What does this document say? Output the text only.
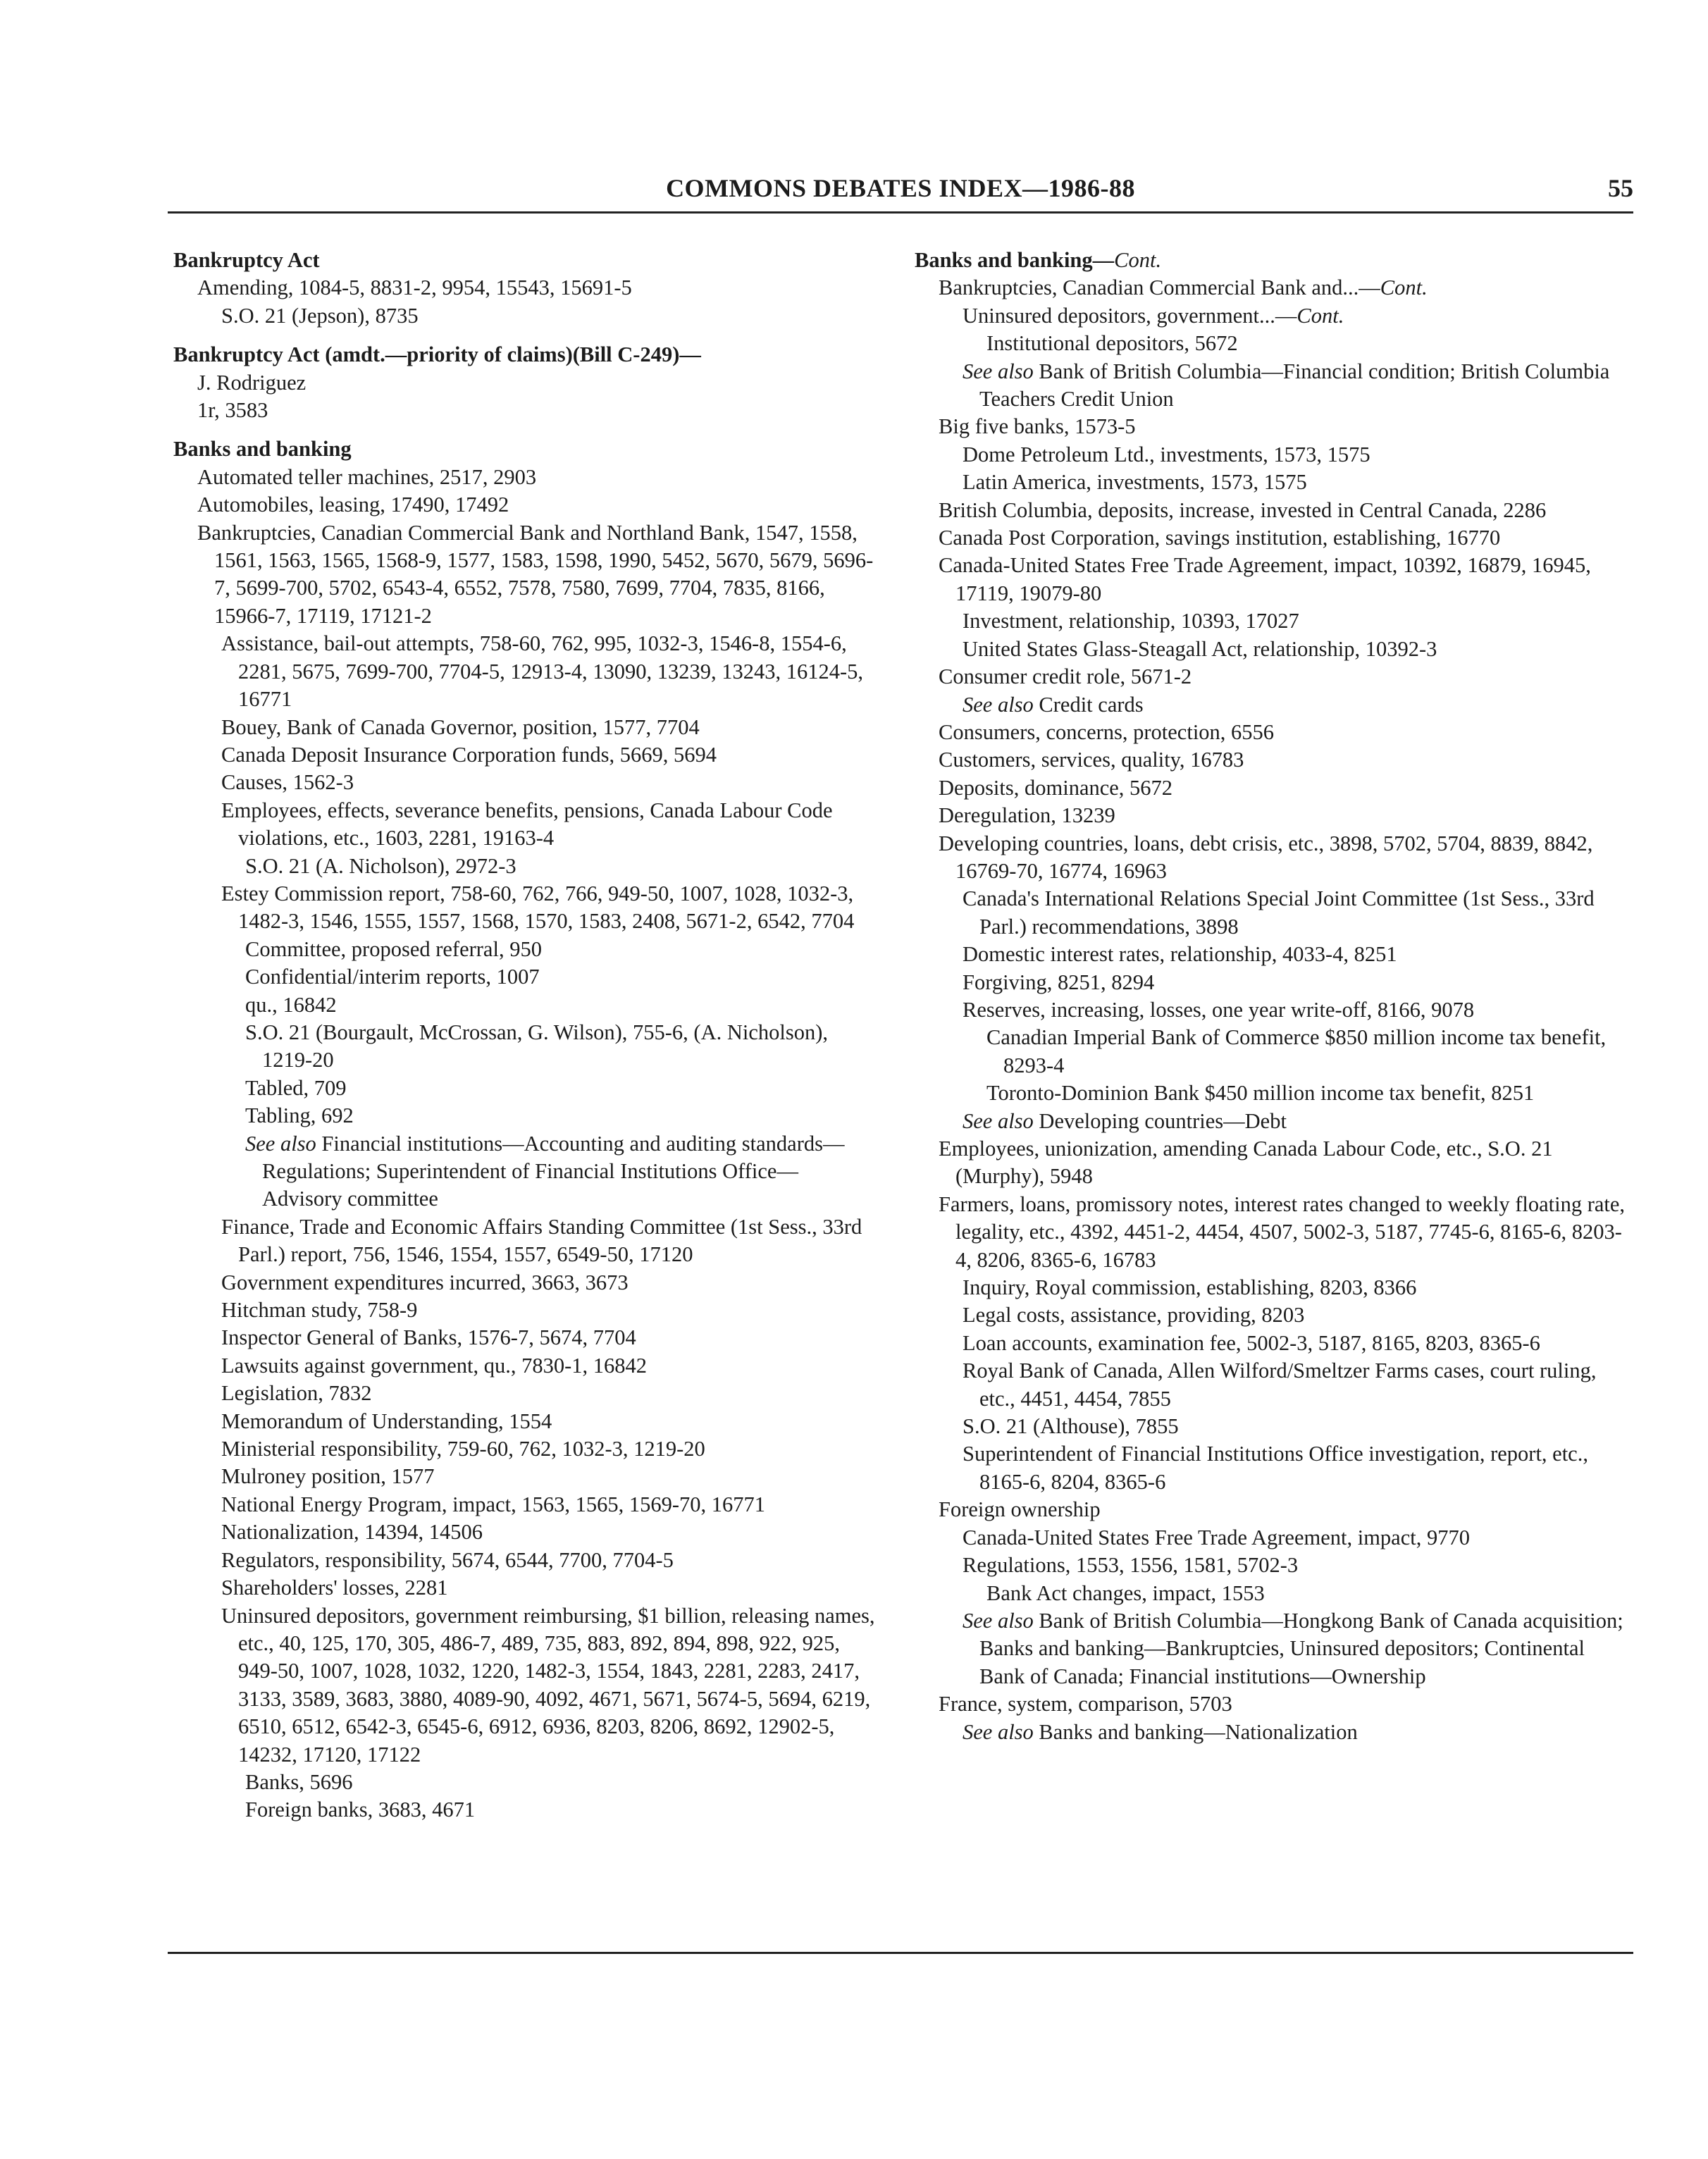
COMMONS DEBATES INDEX—1986-88	55

Bankruptcy Act

Amending, 1084-5, 8831-2, 9954, 15543, 15691-5

S.O. 21 (Jepson), 8735

Bankruptcy Act (amdt.—priority of claims)(Bill C-249)—

J. Rodriguez

1r, 3583

Banks and banking

Automated teller machines, 2517, 2903

Automobiles, leasing, 17490, 17492

Bankruptcies, Canadian Commercial Bank and Northland Bank, 1547, 1558, 1561, 1563, 1565, 1568-9, 1577, 1583, 1598, 1990, 5452, 5670, 5679, 5696-7, 5699-700, 5702, 6543-4, 6552, 7578, 7580, 7699, 7704, 7835, 8166, 15966-7, 17119, 17121-2

Assistance, bail-out attempts, 758-60, 762, 995, 1032-3, 1546-8, 1554-6, 2281, 5675, 7699-700, 7704-5, 12913-4, 13090, 13239, 13243, 16124-5, 16771

Bouey, Bank of Canada Governor, position, 1577, 7704

Canada Deposit Insurance Corporation funds, 5669, 5694

Causes, 1562-3

Employees, effects, severance benefits, pensions, Canada Labour Code violations, etc., 1603, 2281, 19163-4

S.O. 21 (A. Nicholson), 2972-3

Estey Commission report, 758-60, 762, 766, 949-50, 1007, 1028, 1032-3, 1482-3, 1546, 1555, 1557, 1568, 1570, 1583, 2408, 5671-2, 6542, 7704

Committee, proposed referral, 950

Confidential/interim reports, 1007

qu., 16842

S.O. 21 (Bourgault, McCrossan, G. Wilson), 755-6, (A. Nicholson), 1219-20

Tabled, 709

Tabling, 692

See also Financial institutions—Accounting and auditing standards—Regulations; Superintendent of Financial Institutions Office—Advisory committee

Finance, Trade and Economic Affairs Standing Committee (1st Sess., 33rd Parl.) report, 756, 1546, 1554, 1557, 6549-50, 17120

Government expenditures incurred, 3663, 3673

Hitchman study, 758-9

Inspector General of Banks, 1576-7, 5674, 7704

Lawsuits against government, qu., 7830-1, 16842

Legislation, 7832

Memorandum of Understanding, 1554

Ministerial responsibility, 759-60, 762, 1032-3, 1219-20

Mulroney position, 1577

National Energy Program, impact, 1563, 1565, 1569-70, 16771

Nationalization, 14394, 14506

Regulators, responsibility, 5674, 6544, 7700, 7704-5

Shareholders' losses, 2281

Uninsured depositors, government reimbursing, $1 billion, releasing names, etc., 40, 125, 170, 305, 486-7, 489, 735, 883, 892, 894, 898, 922, 925, 949-50, 1007, 1028, 1032, 1220, 1482-3, 1554, 1843, 2281, 2283, 2417, 3133, 3589, 3683, 3880, 4089-90, 4092, 4671, 5671, 5674-5, 5694, 6219, 6510, 6512, 6542-3, 6545-6, 6912, 6936, 8203, 8206, 8692, 12902-5, 14232, 17120, 17122

Banks, 5696

Foreign banks, 3683, 4671

Banks and banking—Cont.

Bankruptcies, Canadian Commercial Bank and...—Cont.

Uninsured depositors, government...—Cont.

Institutional depositors, 5672

See also Bank of British Columbia—Financial condition; British Columbia Teachers Credit Union

Big five banks, 1573-5

Dome Petroleum Ltd., investments, 1573, 1575

Latin America, investments, 1573, 1575

British Columbia, deposits, increase, invested in Central Canada, 2286

Canada Post Corporation, savings institution, establishing, 16770

Canada-United States Free Trade Agreement, impact, 10392, 16879, 16945, 17119, 19079-80

Investment, relationship, 10393, 17027

United States Glass-Steagall Act, relationship, 10392-3

Consumer credit role, 5671-2

See also Credit cards

Consumers, concerns, protection, 6556

Customers, services, quality, 16783

Deposits, dominance, 5672

Deregulation, 13239

Developing countries, loans, debt crisis, etc., 3898, 5702, 5704, 8839, 8842, 16769-70, 16774, 16963

Canada's International Relations Special Joint Committee (1st Sess., 33rd Parl.) recommendations, 3898

Domestic interest rates, relationship, 4033-4, 8251

Forgiving, 8251, 8294

Reserves, increasing, losses, one year write-off, 8166, 9078

Canadian Imperial Bank of Commerce $850 million income tax benefit, 8293-4

Toronto-Dominion Bank $450 million income tax benefit, 8251

See also Developing countries—Debt

Employees, unionization, amending Canada Labour Code, etc., S.O. 21 (Murphy), 5948

Farmers, loans, promissory notes, interest rates changed to weekly floating rate, legality, etc., 4392, 4451-2, 4454, 4507, 5002-3, 5187, 7745-6, 8165-6, 8203-4, 8206, 8365-6, 16783

Inquiry, Royal commission, establishing, 8203, 8366

Legal costs, assistance, providing, 8203

Loan accounts, examination fee, 5002-3, 5187, 8165, 8203, 8365-6

Royal Bank of Canada, Allen Wilford/Smeltzer Farms cases, court ruling, etc., 4451, 4454, 7855

S.O. 21 (Althouse), 7855

Superintendent of Financial Institutions Office investigation, report, etc., 8165-6, 8204, 8365-6

Foreign ownership

Canada-United States Free Trade Agreement, impact, 9770

Regulations, 1553, 1556, 1581, 5702-3

Bank Act changes, impact, 1553

See also Bank of British Columbia—Hongkong Bank of Canada acquisition; Banks and banking—Bankruptcies, Uninsured depositors; Continental Bank of Canada; Financial institutions—Ownership

France, system, comparison, 5703

See also Banks and banking—Nationalization
